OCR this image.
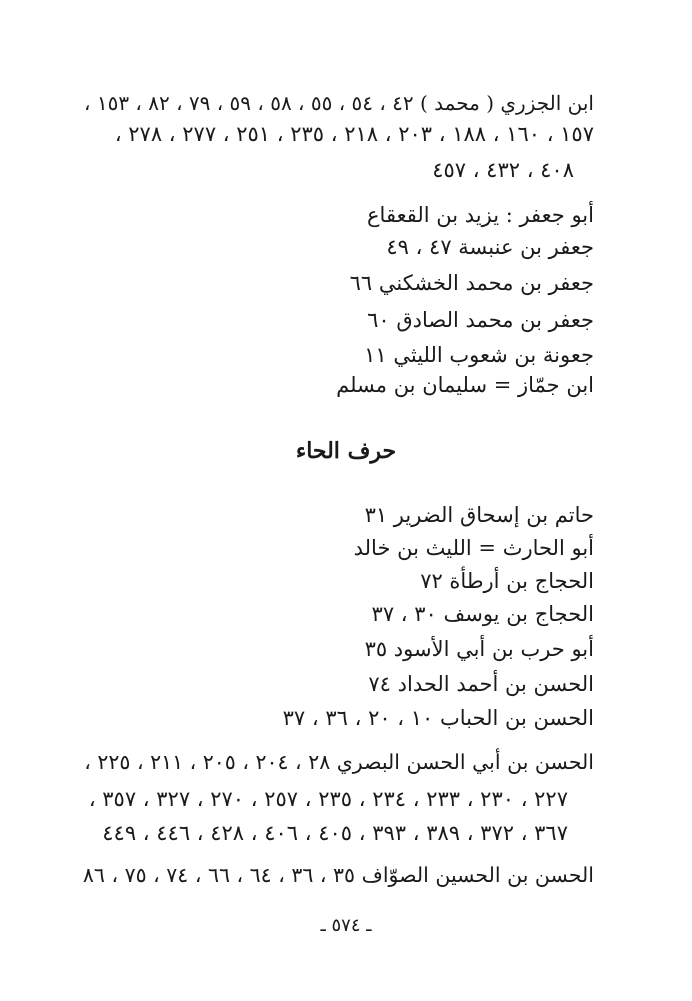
ابن الجزري ( محمد ) ٤٢ ، ٥٤ ، ٥٥ ، ٥٨ ، ٥٩ ، ٧٩ ، ٨٢ ، ١٥٣ ،
١٥٧ ، ١٦٠ ، ١٨٨ ، ٢٠٣ ، ٢١٨ ، ٢٣٥ ، ٢٥١ ، ٢٧٧ ، ٢٧٨ ،
٤٠٨ ، ٤٣٢ ، ٤٥٧
أبو جعفر : يزيد بن القعقاع
جعفر بن عنبسة ٤٧ ، ٤٩
جعفر بن محمد الخشكني ٦٦
جعفر بن محمد الصادق ٦٠
جعونة بن شعوب الليثي ١١
ابن جمّاز = سليمان بن مسلم
حرف الحاء
حاتم بن إسحاق الضرير ٣١
أبو الحارث = الليث بن خالد
الحجاج بن أرطأة ٧٢
الحجاج بن يوسف ٣٠ ، ٣٧
أبو حرب بن أبي الأسود ٣٥
الحسن بن أحمد الحداد ٧٤
الحسن بن الحباب ١٠ ، ٢٠ ، ٣٦ ، ٣٧
الحسن بن أبي الحسن البصري ٢٨ ، ٢٠٤ ، ٢٠٥ ، ٢١١ ، ٢٢٥ ،
٢٢٧ ، ٢٣٠ ، ٢٣٣ ، ٢٣٤ ، ٢٣٥ ، ٢٥٧ ، ٢٧٠ ، ٣٢٧ ، ٣٥٧ ،
٣٦٧ ، ٣٧٢ ، ٣٨٩ ، ٣٩٣ ، ٤٠٥ ، ٤٠٦ ، ٤٢٨ ، ٤٤٦ ، ٤٤٩
الحسن بن الحسين الصوّاف ٣٥ ، ٣٦ ، ٦٤ ، ٦٦ ، ٧٤ ، ٧٥ ، ٨٦
ـ ٥٧٤ ـ
